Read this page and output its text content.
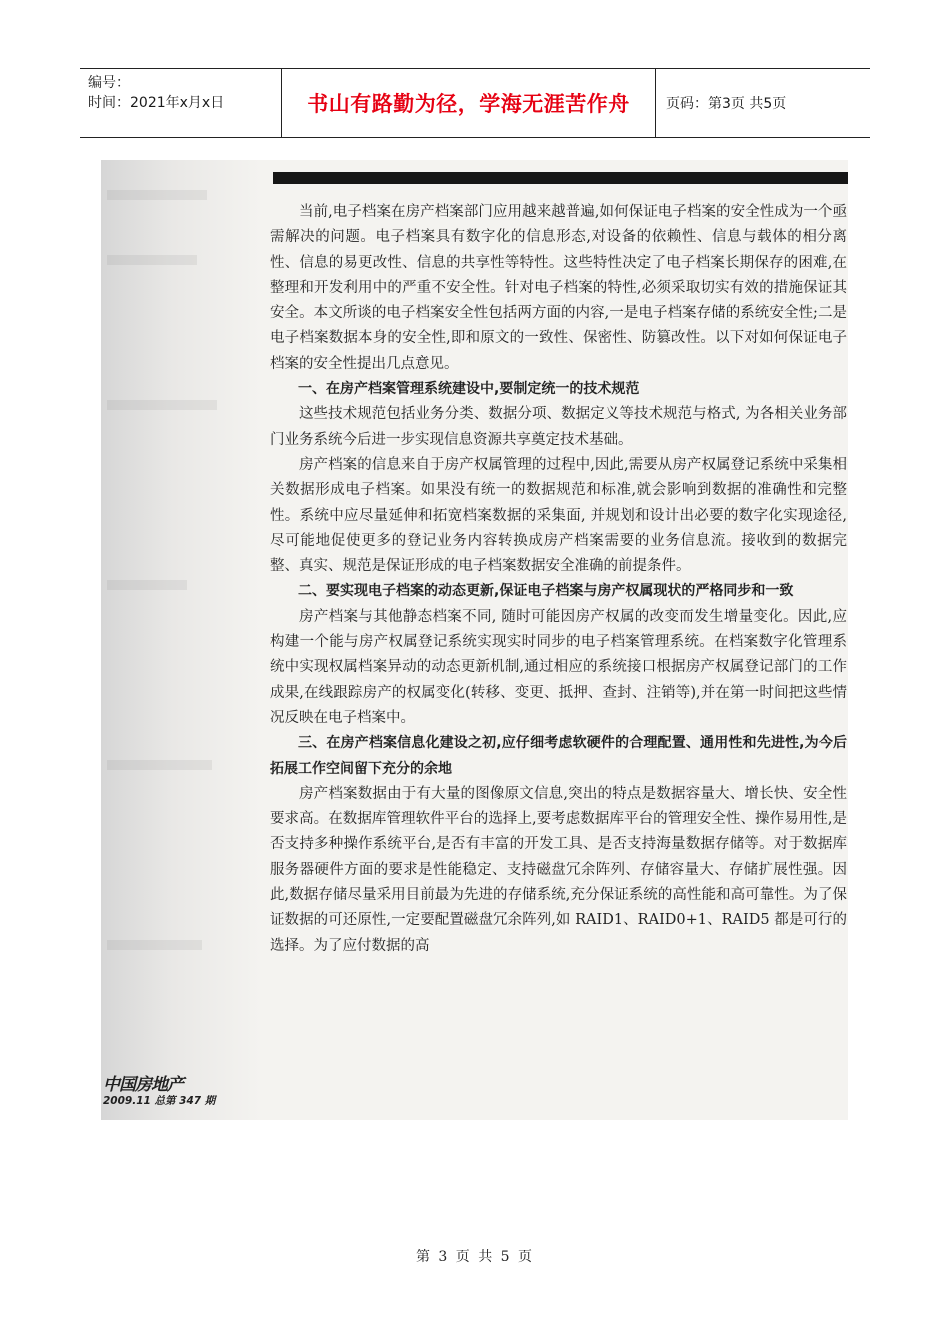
编号：
时间：2021年x月x日	书山有路勤为径，学海无涯苦作舟	页码：第3页 共5页

当前,电子档案在房产档案部门应用越来越普遍,如何保证电子档案的安全性成为一个亟需解决的问题。电子档案具有数字化的信息形态,对设备的依赖性、信息与载体的相分离性、信息的易更改性、信息的共享性等特性。这些特性决定了电子档案长期保存的困难,在整理和开发利用中的严重不安全性。针对电子档案的特性,必须采取切实有效的措施保证其安全。本文所谈的电子档案安全性包括两方面的内容,一是电子档案存储的系统安全性;二是电子档案数据本身的安全性,即和原文的一致性、保密性、防篡改性。以下对如何保证电子档案的安全性提出几点意见。

一、在房产档案管理系统建设中,要制定统一的技术规范

这些技术规范包括业务分类、数据分项、数据定义等技术规范与格式, 为各相关业务部门业务系统今后进一步实现信息资源共享奠定技术基础。

房产档案的信息来自于房产权属管理的过程中,因此,需要从房产权属登记系统中采集相关数据形成电子档案。如果没有统一的数据规范和标准,就会影响到数据的准确性和完整性。系统中应尽量延伸和拓宽档案数据的采集面, 并规划和设计出必要的数字化实现途径, 尽可能地促使更多的登记业务内容转换成房产档案需要的业务信息流。接收到的数据完整、真实、规范是保证形成的电子档案数据安全准确的前提条件。

二、要实现电子档案的动态更新,保证电子档案与房产权属现状的严格同步和一致

房产档案与其他静态档案不同, 随时可能因房产权属的改变而发生增量变化。因此,应构建一个能与房产权属登记系统实现实时同步的电子档案管理系统。在档案数字化管理系统中实现权属档案异动的动态更新机制,通过相应的系统接口根据房产权属登记部门的工作成果,在线跟踪房产的权属变化(转移、变更、抵押、查封、注销等),并在第一时间把这些情况反映在电子档案中。

三、在房产档案信息化建设之初,应仔细考虑软硬件的合理配置、通用性和先进性,为今后拓展工作空间留下充分的余地

房产档案数据由于有大量的图像原文信息,突出的特点是数据容量大、增长快、安全性要求高。在数据库管理软件平台的选择上,要考虑数据库平台的管理安全性、操作易用性,是否支持多种操作系统平台,是否有丰富的开发工具、是否支持海量数据存储等。对于数据库服务器硬件方面的要求是性能稳定、支持磁盘冗余阵列、存储容量大、存储扩展性强。因此,数据存储尽量采用目前最为先进的存储系统,充分保证系统的高性能和高可靠性。为了保证数据的可还原性,一定要配置磁盘冗余阵列,如 RAID1、RAID0+1、RAID5 都是可行的选择。为了应付数据的高

中国房地产
2009.11 总第 347 期
第 3 页 共 5 页
